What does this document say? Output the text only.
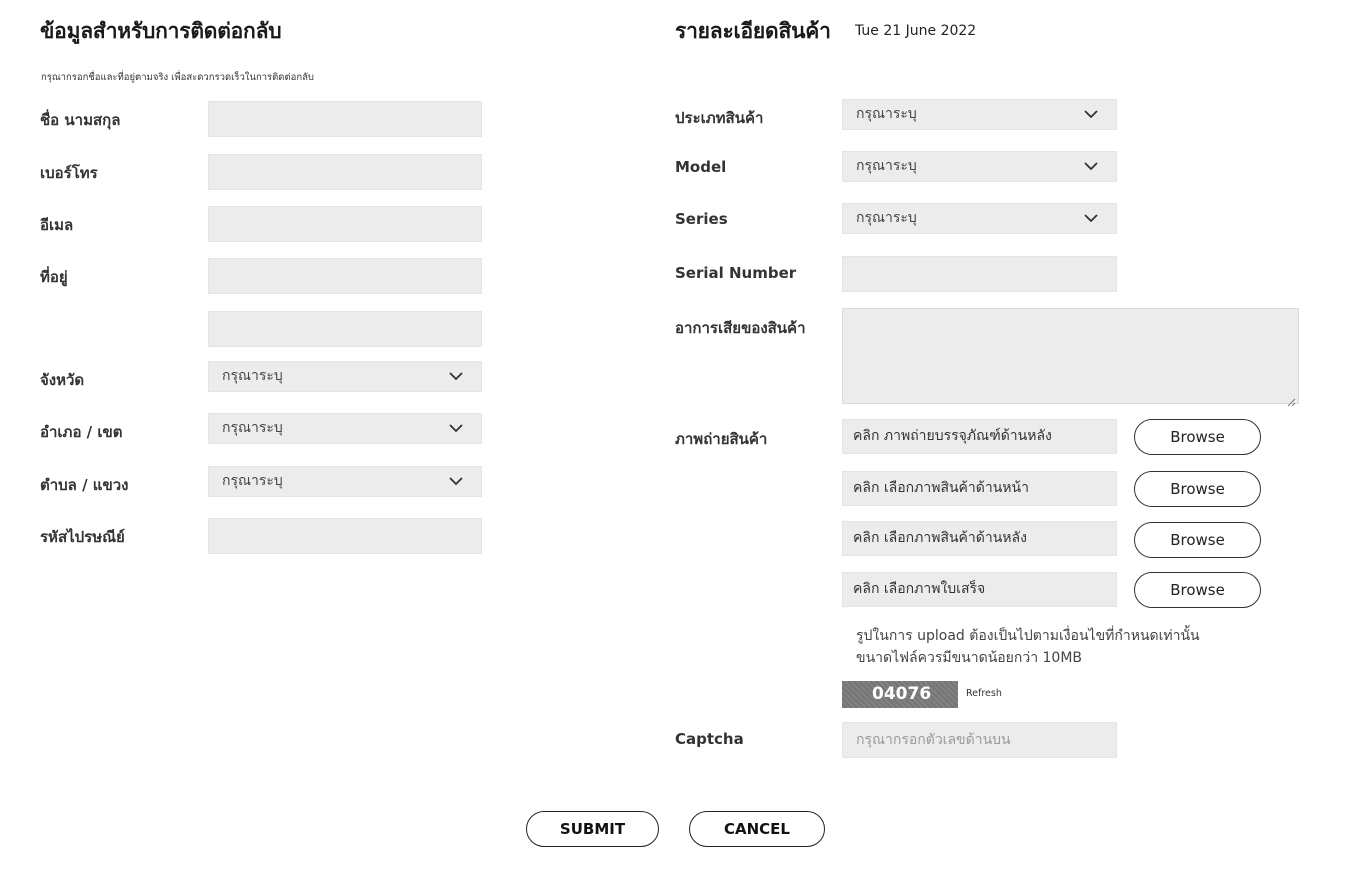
ข้อมูลสำหรับการติดต่อกลับ
กรุณากรอกชื่อและที่อยู่ตามจริง เพื่อสะดวกรวดเร็วในการติดต่อกลับ
ชื่อ นามสกุล
เบอร์โทร
อีเมล
ที่อยู่
จังหวัด	กรุณาระบุ
อำเภอ / เขต	กรุณาระบุ
ตำบล / แขวง	กรุณาระบุ
รหัสไปรษณีย์
รายละเอียดสินค้า Tue 21 June 2022
ประเภทสินค้า	กรุณาระบุ
Model	กรุณาระบุ
Series	กรุณาระบุ
Serial Number
อาการเสียของสินค้า
ภาพถ่ายสินค้า	คลิก ภาพถ่ายบรรจุภัณฑ์ด้านหลัง	Browse
คลิก เลือกภาพสินค้าด้านหน้า	Browse
คลิก เลือกภาพสินค้าด้านหลัง	Browse
คลิก เลือกภาพใบเสร็จ	Browse
รูปในการ upload ต้องเป็นไปตามเงื่อนไขที่กำหนดเท่านั้น
ขนาดไฟล์ควรมีขนาดน้อยกว่า 10MB
04076	Refresh
Captcha	กรุณากรอกตัวเลขด้านบน
SUBMIT	CANCEL
